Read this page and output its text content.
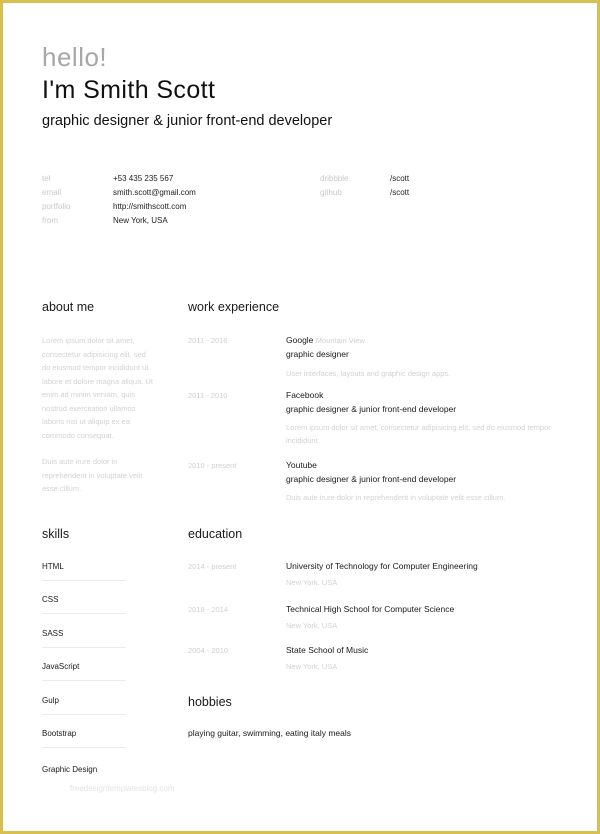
hello!
I'm Smith Scott
graphic designer & junior front-end developer
tel	+53 435 235 567
email	smith.scott@gmail.com
portfolio	http://smithscott.com
from	New York, USA
dribbble	/scott
github	/scott
about me
Lorem ipsum dolor sit amet, consectetur adipisicing elit, sed do eiusmod tempor incididunt ut labore et dolore magna aliqua. Ut enim ad minim veniam, quis nostrud exercitation ullamco laboris nisi ut aliquip ex ea commodo consequat.
Duis aute irure dolor in reprehenderit in voluptate velit esse cillum.
work experience
2011 - 2016	Google Mountain View
graphic designer
User interfaces, layouts and graphic design apps.
2011 - 2010	Facebook
graphic designer & junior front-end developer
Lorem ipsum dolor sit amet, consectetur adipisicing elit, sed do eiusmod tempor incididunt.
2010 - present	Youtube
graphic designer & junior front-end developer
Duis aute irure dolor in reprehenderit in voluptate velit esse cillum.
skills
HTML
CSS
SASS
JavaScript
Gulp
Bootstrap
Graphic Design
education
2014 - present	University of Technology for Computer Engineering
New York, USA
2018 - 2014	Technical High School for Computer Science
New York, USA
2004 - 2010	State School of Music
New York, USA
hobbies
playing guitar, swimming, eating italy meals
freedesigntemplatesblog.com
